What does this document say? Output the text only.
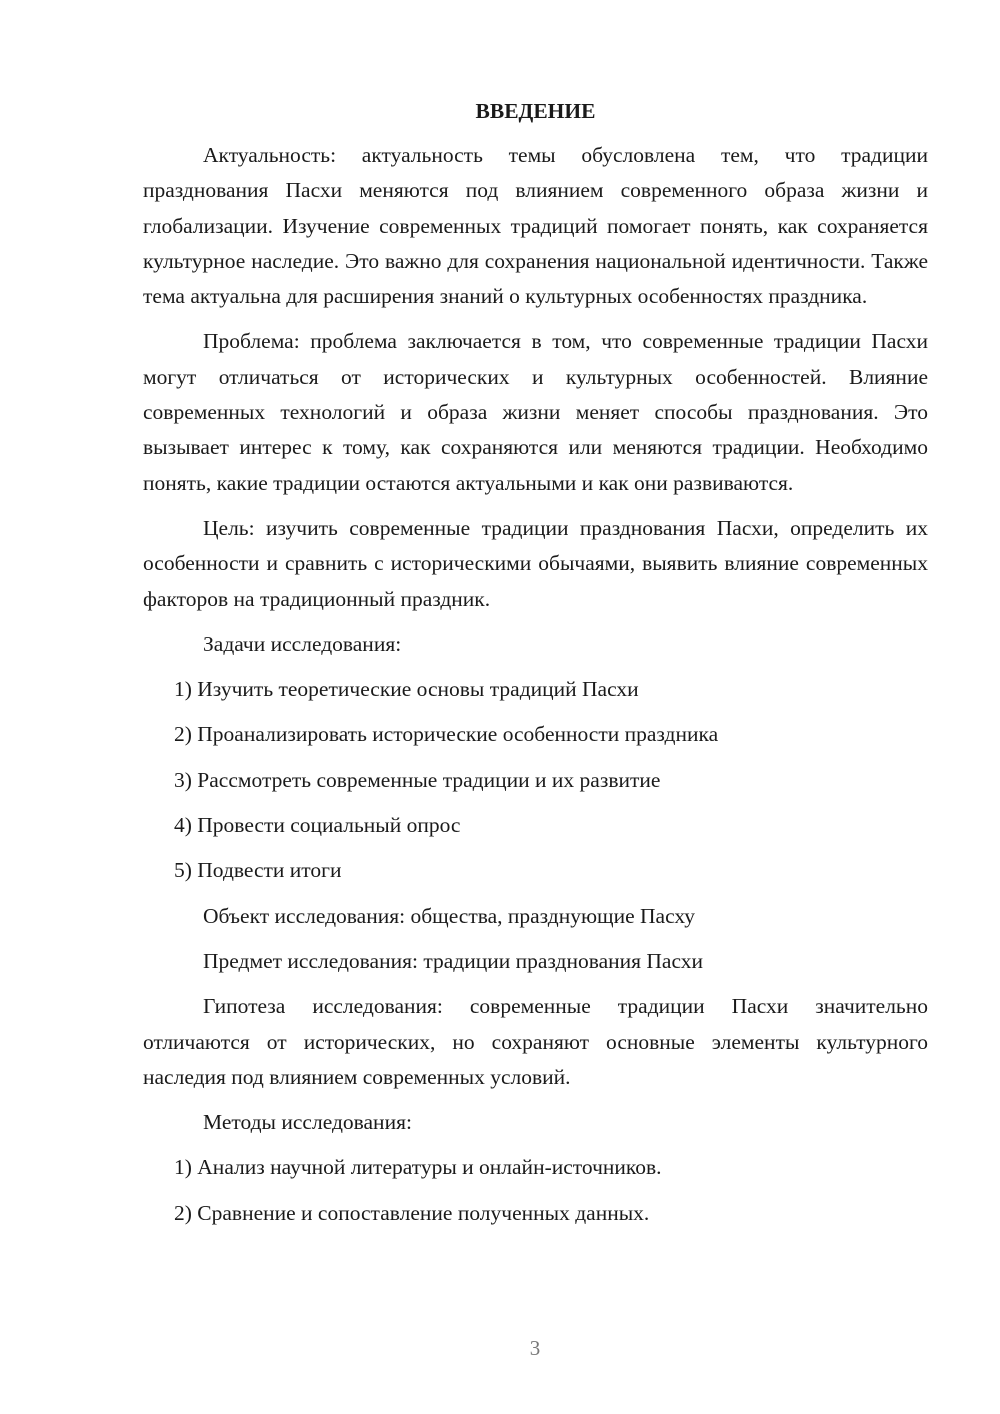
ВВЕДЕНИЕ

Актуальность: актуальность темы обусловлена тем, что традиции празднования Пасхи меняются под влиянием современного образа жизни и глобализации. Изучение современных традиций помогает понять, как сохраняется культурное наследие. Это важно для сохранения национальной идентичности. Также тема актуальна для расширения знаний о культурных особенностях праздника.

Проблема: проблема заключается в том, что современные традиции Пасхи могут отличаться от исторических и культурных особенностей. Влияние современных технологий и образа жизни меняет способы празднования. Это вызывает интерес к тому, как сохраняются или меняются традиции. Необходимо понять, какие традиции остаются актуальными и как они развиваются.

Цель: изучить современные традиции празднования Пасхи, определить их особенности и сравнить с историческими обычаями, выявить влияние современных факторов на традиционный праздник.

Задачи исследования:

1) Изучить теоретические основы традиций Пасхи

2) Проанализировать исторические особенности праздника

3) Рассмотреть современные традиции и их развитие

4) Провести социальный опрос

5) Подвести итоги

Объект исследования: общества, празднующие Пасху

Предмет исследования: традиции празднования Пасхи

Гипотеза исследования: современные традиции Пасхи значительно отличаются от исторических, но сохраняют основные элементы культурного наследия под влиянием современных условий.

Методы исследования:

1) Анализ научной литературы и онлайн-источников.

2) Сравнение и сопоставление полученных данных.

3
